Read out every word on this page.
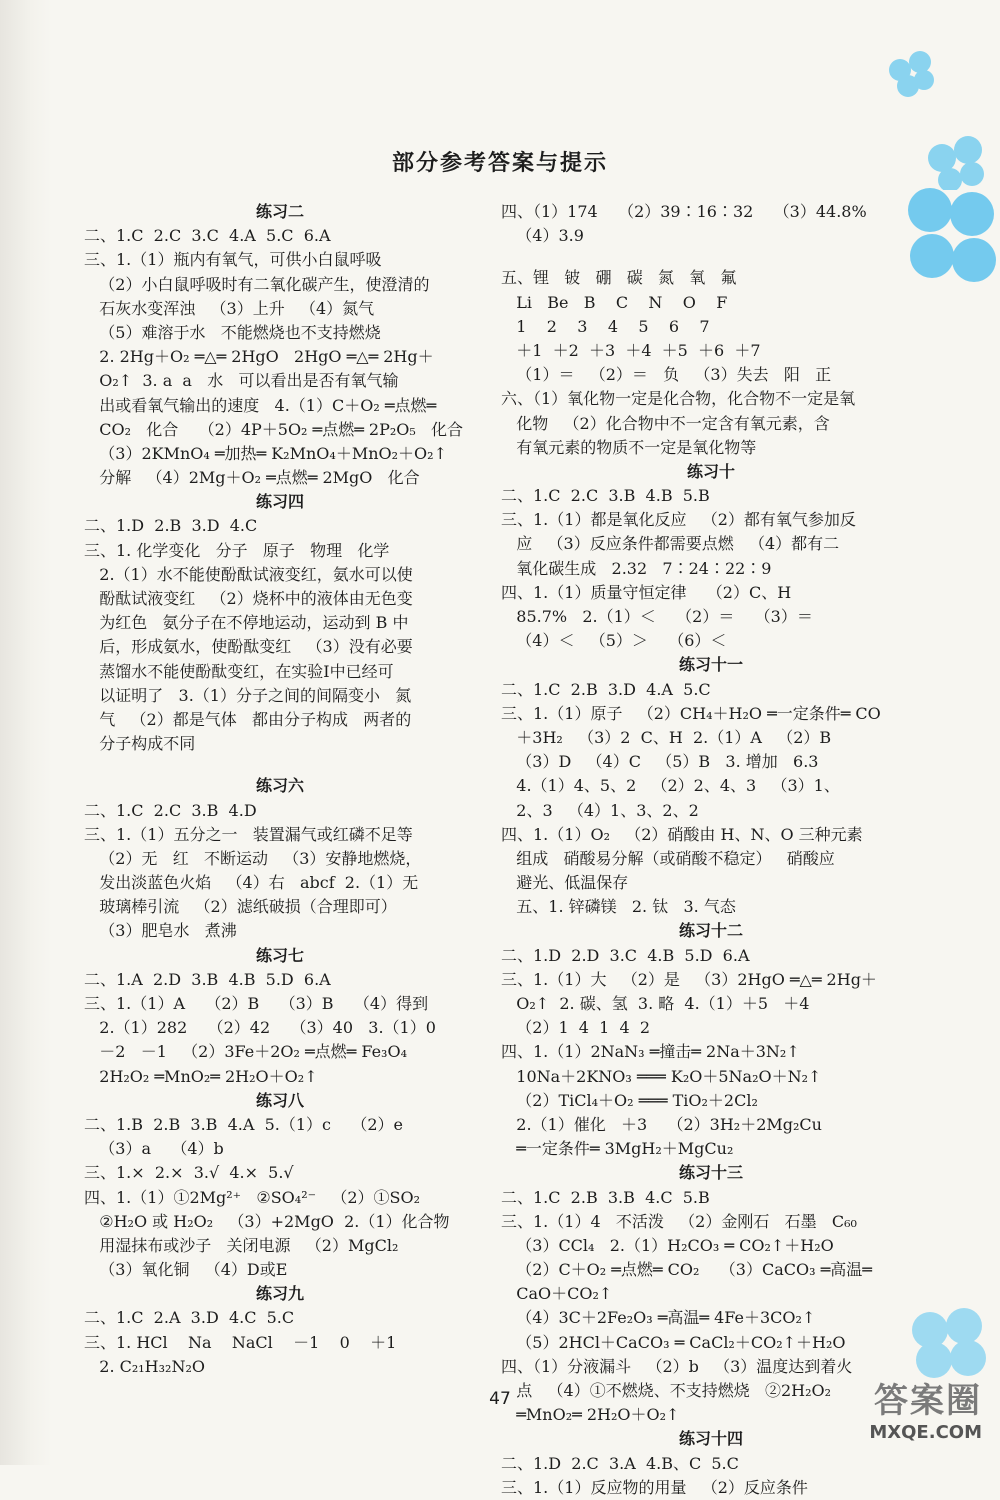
部分参考答案与提示
练习二
二、1.C  2.C  3.C  4.A  5.C  6.A
三、1.（1）瓶内有氧气，可供小白鼠呼吸
（2）小白鼠呼吸时有二氧化碳产生，使澄清的
石灰水变浑浊   （3）上升   （4）氮气
（5）难溶于水   不能燃烧也不支持燃烧
2. 2Hg＋O₂ ═△═ 2HgO   2HgO ═△═ 2Hg＋
O₂↑  3. a  a   水   可以看出是否有氧气输
出或看氧气输出的速度   4.（1）C＋O₂ ═点燃═
CO₂   化合    （2）4P＋5O₂ ═点燃═ 2P₂O₅   化合
（3）2KMnO₄ ═加热═ K₂MnO₄＋MnO₂＋O₂↑
分解   （4）2Mg＋O₂ ═点燃═ 2MgO   化合
练习四
二、1.D  2.B  3.D  4.C
三、1. 化学变化   分子   原子   物理   化学
2.（1）水不能使酚酞试液变红，氨水可以使
酚酞试液变红   （2）烧杯中的液体由无色变
为红色   氨分子在不停地运动，运动到 B 中
后，形成氨水，使酚酞变红   （3）没有必要
蒸馏水不能使酚酞变红，在实验Ⅰ中已经可
以证明了   3.（1）分子之间的间隔变小   氮
气   （2）都是气体   都由分子构成   两者的
分子构成不同
练习六
二、1.C  2.C  3.B  4.D
三、1.（1）五分之一   装置漏气或红磷不足等
（2）无   红   不断运动   （3）安静地燃烧，
发出淡蓝色火焰   （4）右   abcf  2.（1）无
玻璃棒引流   （2）滤纸破损（合理即可）
（3）肥皂水   煮沸
练习七
二、1.A  2.D  3.B  4.B  5.D  6.A
三、1.（1）A    （2）B    （3）B    （4）得到
2.（1）282    （2）42    （3）40   3.（1）0
－2   －1   （2）3Fe＋2O₂ ═点燃═ Fe₃O₄
2H₂O₂ ═MnO₂═ 2H₂O＋O₂↑
练习八
二、1.B  2.B  3.B  4.A  5.（1）c    （2）e
（3）a    （4）b
三、1.×  2.×  3.√  4.×  5.√
四、1.（1）①2Mg²⁺   ②SO₄²⁻   （2）①SO₂
②H₂O 或 H₂O₂   （3）+2MgO  2.（1）化合物
用湿抹布或沙子   关闭电源   （2）MgCl₂
（3）氧化铜   （4）D或E
练习九
二、1.C  2.A  3.D  4.C  5.C
三、1. HCl    Na    NaCl    －1    0    ＋1
2. C₂₁H₃₂N₂O
四、（1）174    （2）39∶16∶32    （3）44.8%
（4）3.9
五、锂   铍   硼   碳   氮   氧   氟
Li   Be   B    C    N    O    F
1    2    3    4    5    6    7
＋1  ＋2  ＋3  ＋4  ＋5  ＋6  ＋7
（1）＝   （2）＝   负   （3）失去   阳   正
六、（1）氧化物一定是化合物，化合物不一定是氧
化物   （2）化合物中不一定含有氧元素，含
有氧元素的物质不一定是氧化物等
练习十
二、1.C  2.C  3.B  4.B  5.B
三、1.（1）都是氧化反应   （2）都有氧气参加反
应   （3）反应条件都需要点燃   （4）都有二
氧化碳生成   2.32   7∶24∶22∶9
四、1.（1）质量守恒定律    （2）C、H
85.7%   2.（1）＜    （2）＝    （3）＝
（4）＜   （5）＞    （6）＜
练习十一
二、1.C  2.B  3.D  4.A  5.C
三、1.（1）原子   （2）CH₄＋H₂O ═一定条件═ CO
＋3H₂   （3）2  C、H  2.（1）A   （2）B
（3）D   （4）C   （5）B   3. 增加   6.3
4.（1）4、5、2   （2）2、4、3   （3）1、
2、3   （4）1、3、2、2
四、1.（1）O₂   （2）硝酸由 H、N、O 三种元素
组成   硝酸易分解（或硝酸不稳定）   硝酸应
避光、低温保存
五、1. 锌磷镁   2. 钛   3. 气态
练习十二
二、1.D  2.D  3.C  4.B  5.D  6.A
三、1.（1）大   （2）是   （3）2HgO ═△═ 2Hg＋
O₂↑  2. 碳、氢  3. 略  4.（1）＋5   ＋4
（2）1  4  1  4  2
四、1.（1）2NaN₃ ═撞击═ 2Na＋3N₂↑
10Na＋2KNO₃ ═══ K₂O＋5Na₂O＋N₂↑
（2）TiCl₄＋O₂ ═══ TiO₂＋2Cl₂
2.（1）催化   ＋3    （2）3H₂＋2Mg₂Cu
═一定条件═ 3MgH₂＋MgCu₂
练习十三
二、1.C  2.B  3.B  4.C  5.B
三、1.（1）4   不活泼   （2）金刚石   石墨   C₆₀
（3）CCl₄   2.（1）H₂CO₃ ═ CO₂↑＋H₂O
（2）C＋O₂ ═点燃═ CO₂    （3）CaCO₃ ═高温═
CaO＋CO₂↑
（4）3C＋2Fe₂O₃ ═高温═ 4Fe＋3CO₂↑
（5）2HCl＋CaCO₃ ═ CaCl₂＋CO₂↑＋H₂O
四、（1）分液漏斗   （2）b   （3）温度达到着火
点   （4）①不燃烧、不支持燃烧   ②2H₂O₂
═MnO₂═ 2H₂O＋O₂↑
练习十四
二、1.D  2.C  3.A  4.B、C  5.C
三、1.（1）反应物的用量   （2）反应条件
47	答案圈
MXQE.COM
